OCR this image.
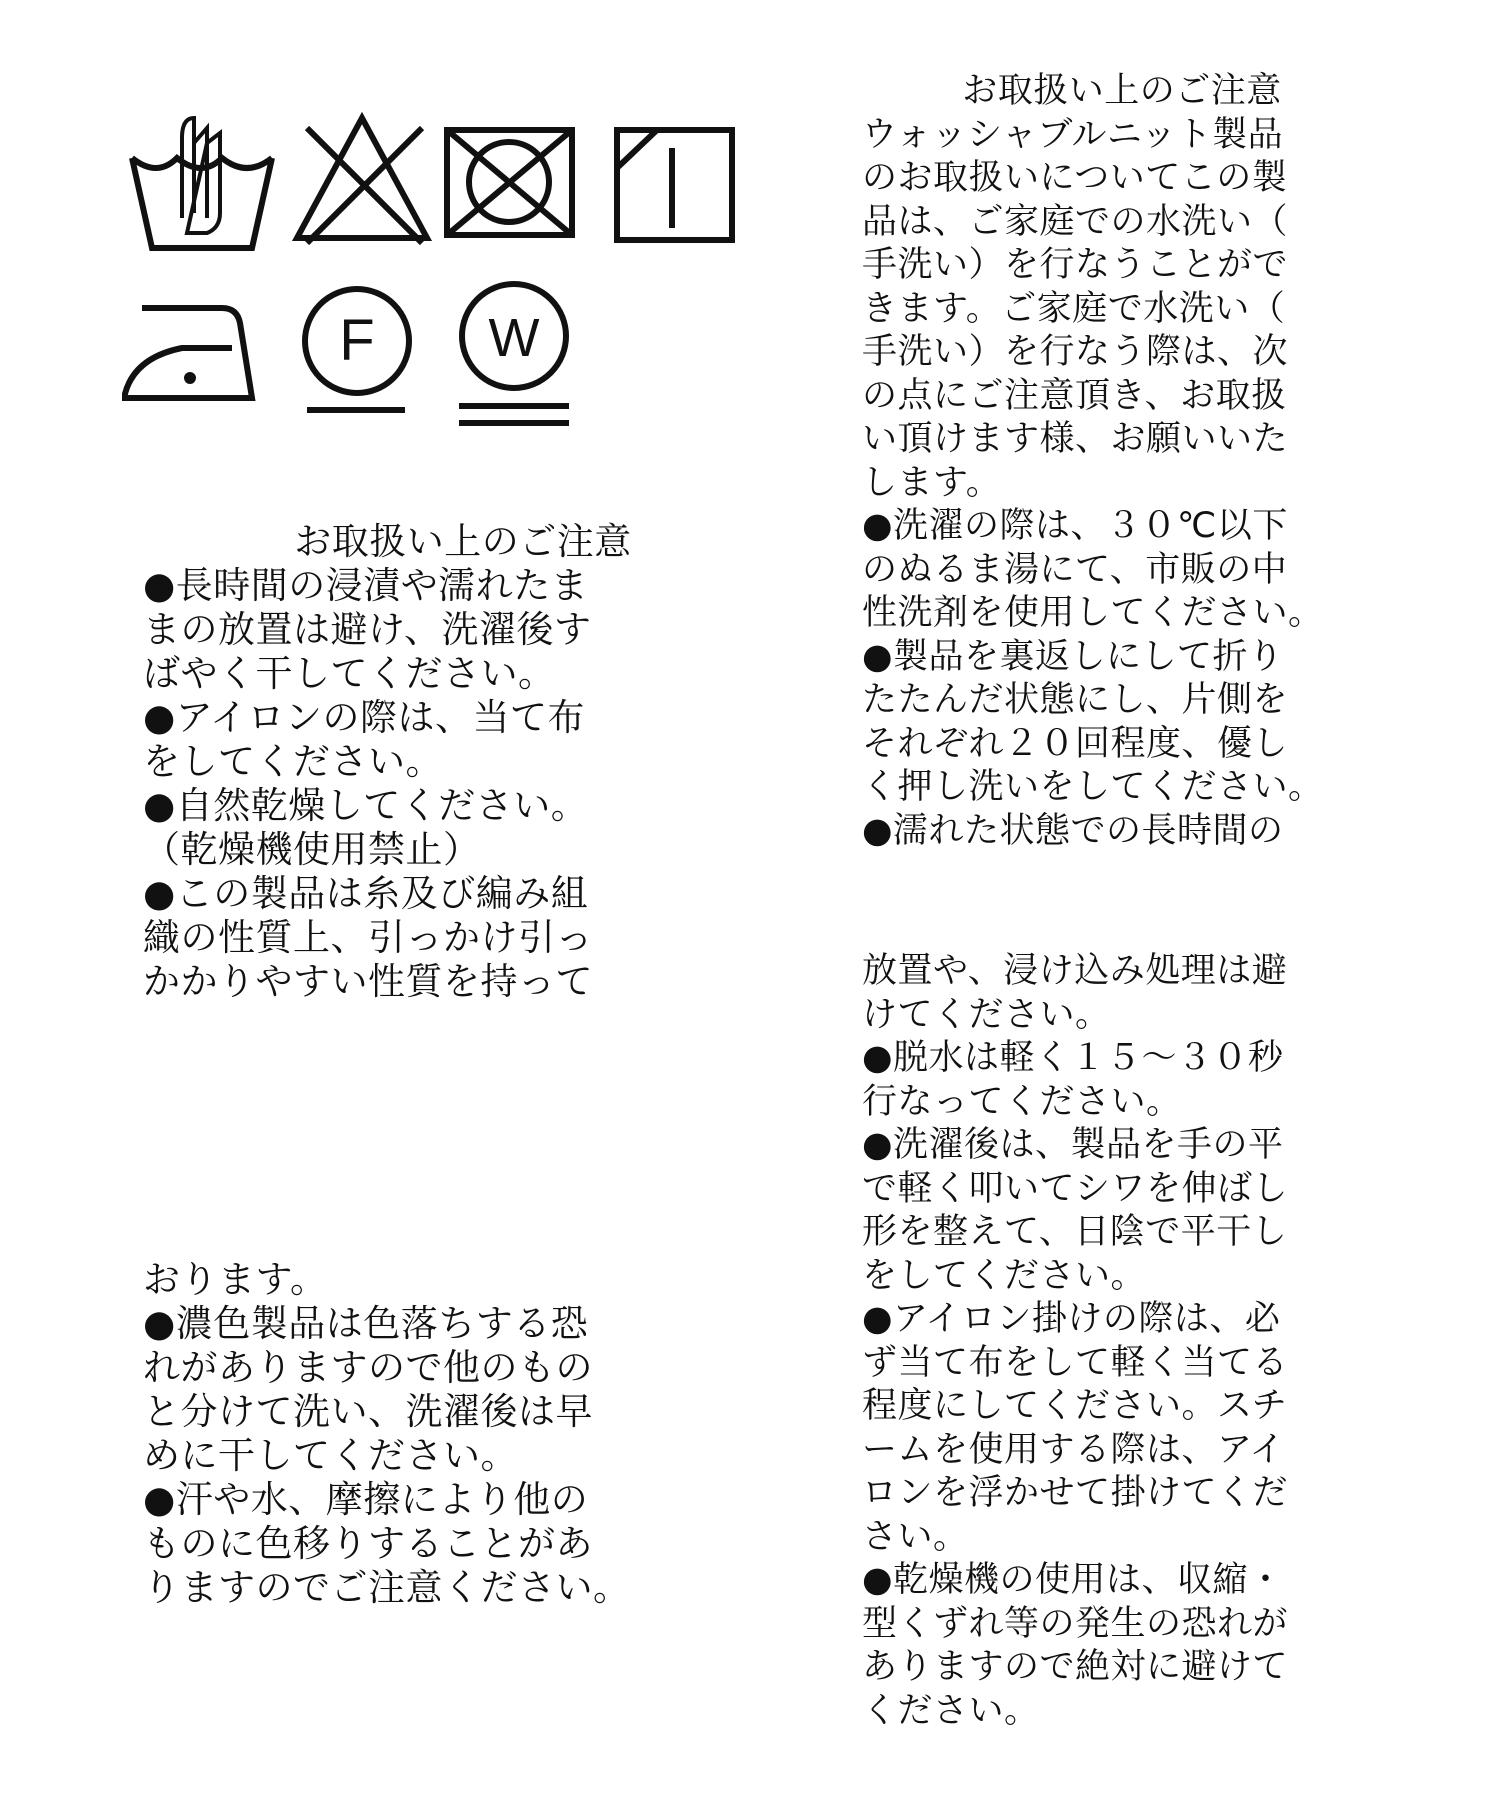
F W
お取扱い上のご注意

●長時間の浸漬や濡れたま
まの放置は避け、洗濯後す
ばやく干してください。

●アイロンの際は、当て布
をしてください。

●自然乾燥してください。
（乾燥機使用禁止）

●この製品は糸及び編み組
織の性質上、引っかけ引っ
かかりやすい性質を持って

おります。

●濃色製品は色落ちする恐
れがありますので他のもの
と分けて洗い、洗濯後は早
めに干してください。

●汗や水、摩擦により他の
ものに色移りすることがあ
りますのでご注意ください。

お取扱い上のご注意

ウォッシャブルニット製品
のお取扱いについてこの製
品は、ご家庭での水洗い（
手洗い）を行なうことがで
きます。ご家庭で水洗い（
手洗い）を行なう際は、次
の点にご注意頂き、お取扱
い頂けます様、お願いいた
します。

●洗濯の際は、３０℃以下
のぬるま湯にて、市販の中
性洗剤を使用してください。

●製品を裏返しにして折り
たたんだ状態にし、片側を
それぞれ２０回程度、優し
く押し洗いをしてください。

●濡れた状態での長時間の

放置や、浸け込み処理は避
けてください。

●脱水は軽く１５～３０秒
行なってください。

●洗濯後は、製品を手の平
で軽く叩いてシワを伸ばし
形を整えて、日陰で平干し
をしてください。

●アイロン掛けの際は、必
ず当て布をして軽く当てる
程度にしてください。スチ
ームを使用する際は、アイ
ロンを浮かせて掛けてくだ
さい。

●乾燥機の使用は、収縮・
型くずれ等の発生の恐れが
ありますので絶対に避けて
ください。
